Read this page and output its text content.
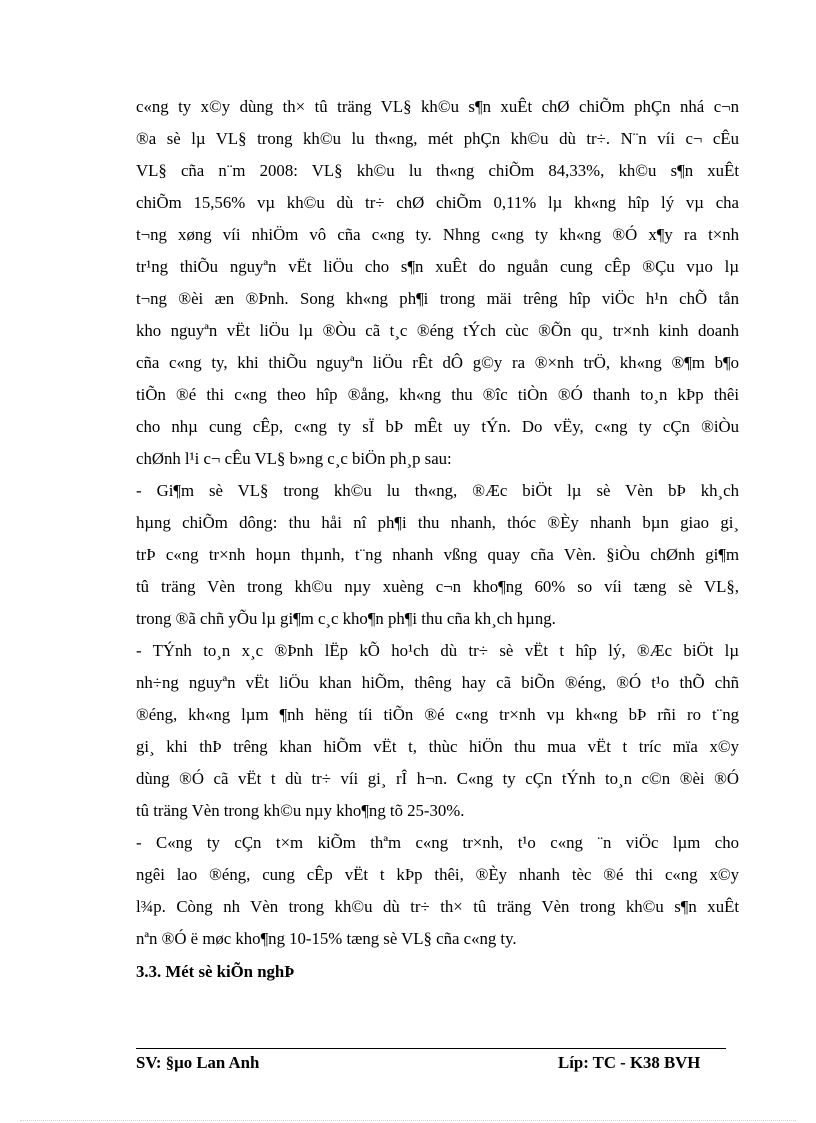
c«ng ty x©y dùng th× tû träng VL§ kh©u s¶n xuÊt chØ chiÕm phÇn nhá c¬n
®a sè lµ VL§ trong kh©u lu th«ng, mét phÇn kh©u dù tr÷. N¨n víi c¬ cÊu
VL§ cña n¨m 2008: VL§ kh©u lu th«ng chiÕm 84,33%, kh©u s¶n xuÊt
chiÕm 15,56% vµ kh©u dù tr÷ chØ chiÕm 0,11% lµ kh«ng hîp lý vµ cha
t¬ng xøng víi nhiÖm vô cña c«ng ty. Nhng c«ng ty kh«ng ®Ó x¶y ra t×nh
tr¹ng thiÕu nguyªn vËt liÖu cho s¶n xuÊt do nguån cung cÊp ®Çu vµo lµ
t¬ng ®èi æn ®Þnh. Song kh«ng ph¶i trong mäi trêng hîp viÖc h¹n chÕ tån
kho nguyªn vËt liÖu lµ ®Òu cã t¸c ®éng tÝch cùc ®Õn qu¸ tr×nh kinh doanh
cña c«ng ty, khi thiÕu nguyªn liÖu rÊt dÔ g©y ra ®×nh trÖ, kh«ng ®¶m b¶o
tiÕn ®é thi c«ng theo hîp ®ång, kh«ng thu ®îc tiÒn ®Ó thanh to¸n kÞp thêi
cho nhµ cung cÊp, c«ng ty sÏ bÞ mÊt uy tÝn. Do vËy, c«ng ty cÇn ®iÒu
chØnh l¹i c¬ cÊu VL§ b»ng c¸c biÖn ph¸p sau:
- Gi¶m sè VL§ trong kh©u lu th«ng, ®Æc biÖt lµ sè Vèn bÞ kh¸ch
hµng chiÕm dông: thu håi nî ph¶i thu nhanh, thóc ®Èy nhanh bµn giao gi¸
trÞ c«ng tr×nh hoµn thµnh, t¨ng nhanh vßng quay cña Vèn. §iÒu chØnh gi¶m
tû träng Vèn trong kh©u nµy xuèng c¬n kho¶ng 60% so víi tæng sè VL§,
trong ®ã chñ yÕu lµ gi¶m c¸c kho¶n ph¶i thu cña kh¸ch hµng.
- TÝnh to¸n x¸c ®Þnh lËp kÕ ho¹ch dù tr÷ sè vËt t hîp lý, ®Æc biÖt lµ
nh÷ng nguyªn vËt liÖu khan hiÕm, thêng hay cã biÕn ®éng, ®Ó t¹o thÕ chñ
®éng, kh«ng lµm ¶nh hëng tíi tiÕn ®é c«ng tr×nh vµ kh«ng bÞ rñi ro t¨ng
gi¸ khi thÞ trêng khan hiÕm vËt t, thùc hiÖn thu mua vËt t tríc mïa x©y
dùng ®Ó cã vËt t dù tr÷ víi gi¸ rÎ h¬n. C«ng ty cÇn tÝnh to¸n c©n ®èi ®Ó
tû träng Vèn trong kh©u nµy kho¶ng tõ 25-30%.
- C«ng ty cÇn t×m kiÕm thªm c«ng tr×nh, t¹o c«ng ¨n viÖc lµm cho
ngêi lao ®éng, cung cÊp vËt t kÞp thêi, ®Èy nhanh tèc ®é thi c«ng x©y
l¾p. Còng nh Vèn trong kh©u dù tr÷ th× tû träng Vèn trong kh©u s¶n xuÊt
nªn ®Ó ë møc kho¶ng 10-15% tæng sè VL§ cña c«ng ty.
3.3. Mét sè kiÕn nghÞ
SV: §µo Lan Anh	Líp: TC - K38 BVH
